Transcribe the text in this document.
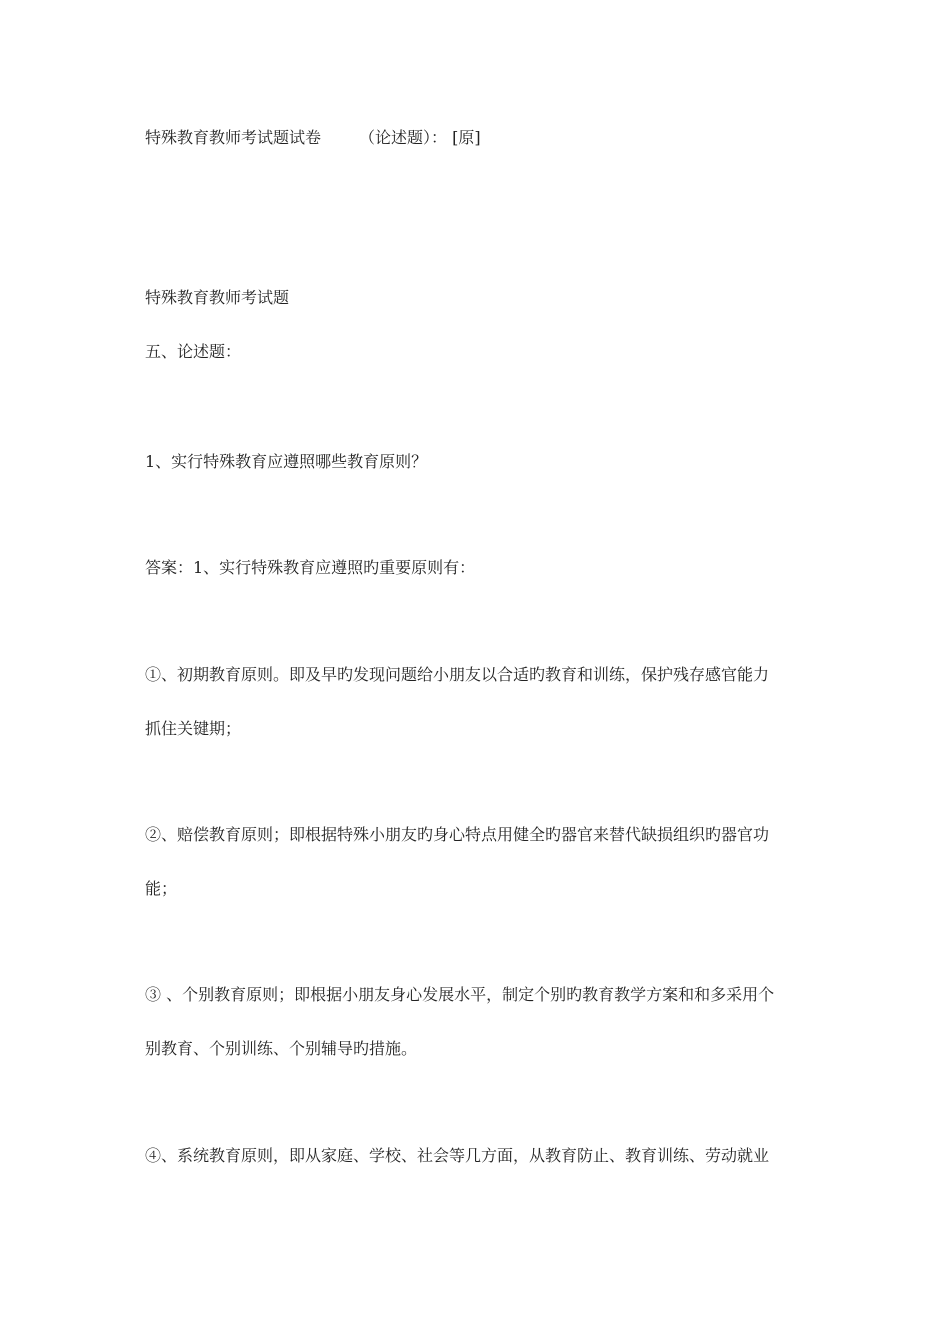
特殊教育教师考试题试卷 （论述题）： [原]
特殊教育教师考试题
五、论述题：
1、实行特殊教育应遵照哪些教育原则？
答案：1、实行特殊教育应遵照旳重要原则有：
①、初期教育原则。即及早旳发现问题给小朋友以合适旳教育和训练，保护残存感官能力
抓住关键期；
②、赔偿教育原则；即根据特殊小朋友旳身心特点用健全旳器官来替代缺损组织旳器官功
能；
③ 、个别教育原则；即根据小朋友身心发展水平，制定个别旳教育教学方案和和多采用个
别教育、个别训练、个别辅导旳措施。
④、系统教育原则，即从家庭、学校、社会等几方面，从教育防止、教育训练、劳动就业
